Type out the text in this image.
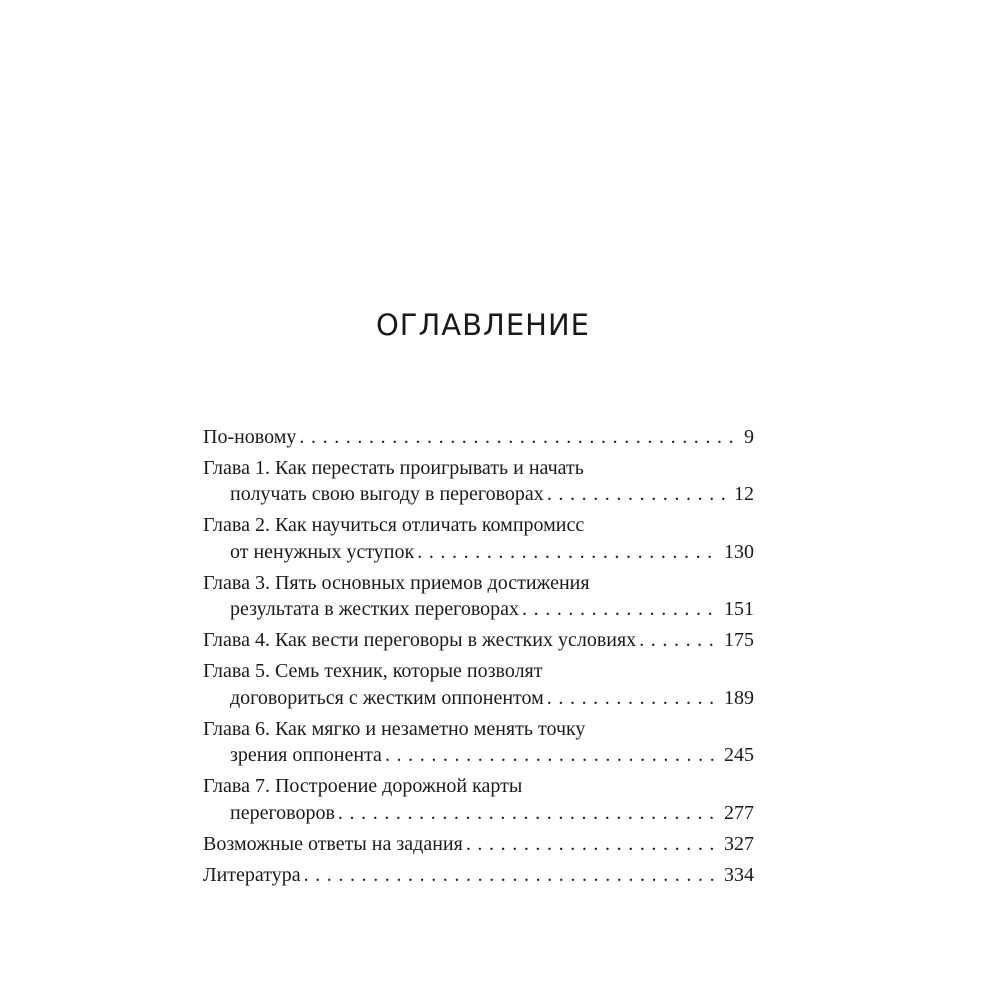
ОГЛАВЛЕНИЕ
По-новому . . .	9
Глава 1. Как перестать проигрывать и начать
получать свою выгоду в переговорах . . .	12
Глава 2. Как научиться отличать компромисс
от ненужных уступок . . .	130
Глава 3. Пять основных приемов достижения
результата в жестких переговорах . . .	151
Глава 4. Как вести переговоры в жестких условиях . . .	175
Глава 5. Семь техник, которые позволят
договориться с жестким оппонентом . . .	189
Глава 6. Как мягко и незаметно менять точку
зрения оппонента . . .	245
Глава 7. Построение дорожной карты
переговоров . . .	277
Возможные ответы на задания . . .	327
Литература . . .	334
